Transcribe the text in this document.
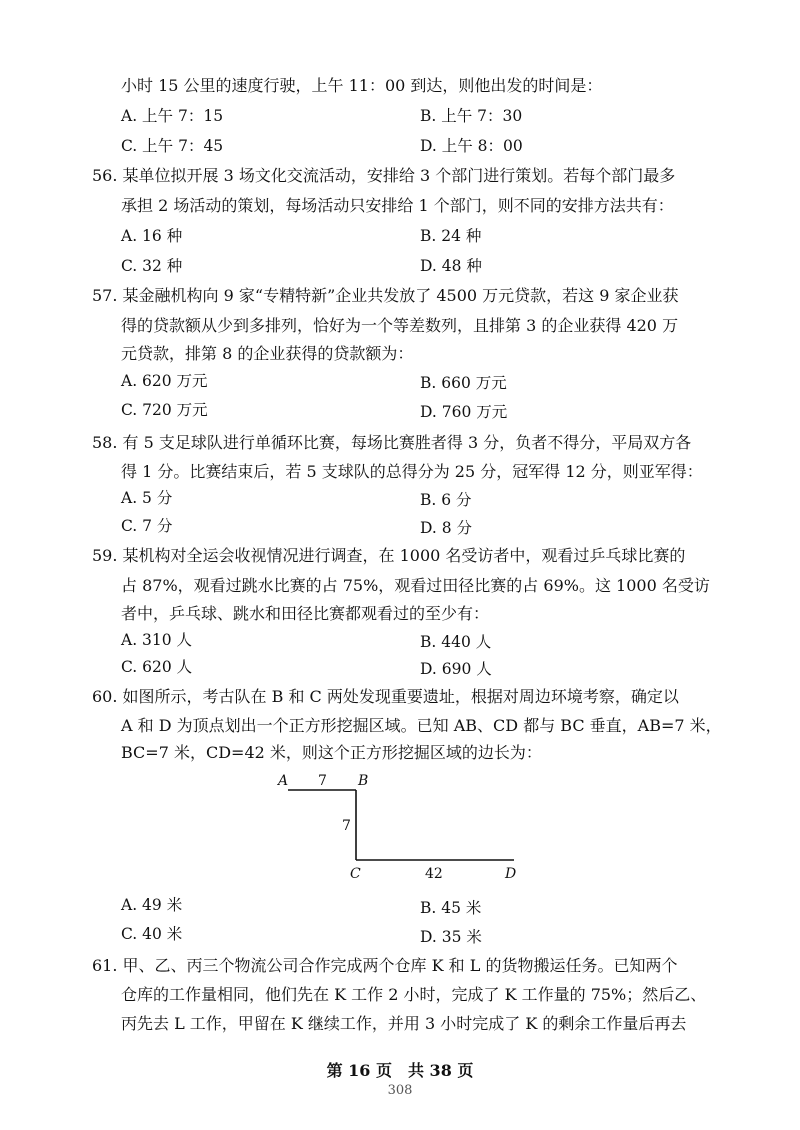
小时 15 公里的速度行驶，上午 11：00 到达，则他出发的时间是：
A. 上午 7：15	B. 上午 7：30
C. 上午 7：45	D. 上午 8：00
56. 某单位拟开展 3 场文化交流活动，安排给 3 个部门进行策划。若每个部门最多
承担 2 场活动的策划，每场活动只安排给 1 个部门，则不同的安排方法共有：
A. 16 种	B. 24 种
C. 32 种	D. 48 种
57. 某金融机构向 9 家“专精特新”企业共发放了 4500 万元贷款，若这 9 家企业获
得的贷款额从少到多排列，恰好为一个等差数列，且排第 3 的企业获得 420 万
元贷款，排第 8 的企业获得的贷款额为：
A. 620 万元	B. 660 万元
C. 720 万元	D. 760 万元
58. 有 5 支足球队进行单循环比赛，每场比赛胜者得 3 分，负者不得分，平局双方各
得 1 分。比赛结束后，若 5 支球队的总得分为 25 分，冠军得 12 分，则亚军得：
A. 5 分	B. 6 分
C. 7 分	D. 8 分
59. 某机构对全运会收视情况进行调查，在 1000 名受访者中，观看过乒乓球比赛的
占 87%，观看过跳水比赛的占 75%，观看过田径比赛的占 69%。这 1000 名受访
者中，乒乓球、跳水和田径比赛都观看过的至少有：
A. 310 人	B. 440 人
C. 620 人	D. 690 人
60. 如图所示，考古队在 B 和 C 两处发现重要遗址，根据对周边环境考察，确定以
A 和 D 为顶点划出一个正方形挖掘区域。已知 AB、CD 都与 BC 垂直，AB=7 米，
BC=7 米，CD=42 米，则这个正方形挖掘区域的边长为：
A 7 B
7
C	42	D
A. 49 米	B. 45 米
C. 40 米	D. 35 米
61. 甲、乙、丙三个物流公司合作完成两个仓库 K 和 L 的货物搬运任务。已知两个
仓库的工作量相同，他们先在 K 工作 2 小时，完成了 K 工作量的 75%；然后乙、
丙先去 L 工作，甲留在 K 继续工作，并用 3 小时完成了 K 的剩余工作量后再去
第 16 页　共 38 页
308
